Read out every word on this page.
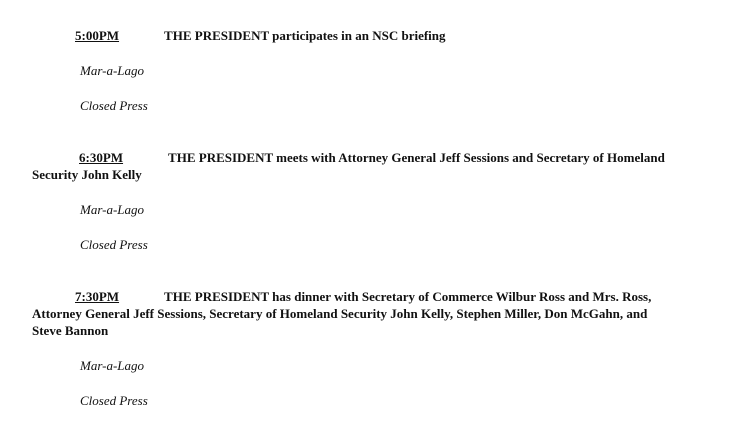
5:00PM	THE PRESIDENT participates in an NSC briefing
Mar-a-Lago
Closed Press
6:30PM	THE PRESIDENT meets with Attorney General Jeff Sessions and Secretary of Homeland Security John Kelly
Mar-a-Lago
Closed Press
7:30PM	THE PRESIDENT has dinner with Secretary of Commerce Wilbur Ross and Mrs. Ross, Attorney General Jeff Sessions, Secretary of Homeland Security John Kelly, Stephen Miller, Don McGahn, and Steve Bannon
Mar-a-Lago
Closed Press
